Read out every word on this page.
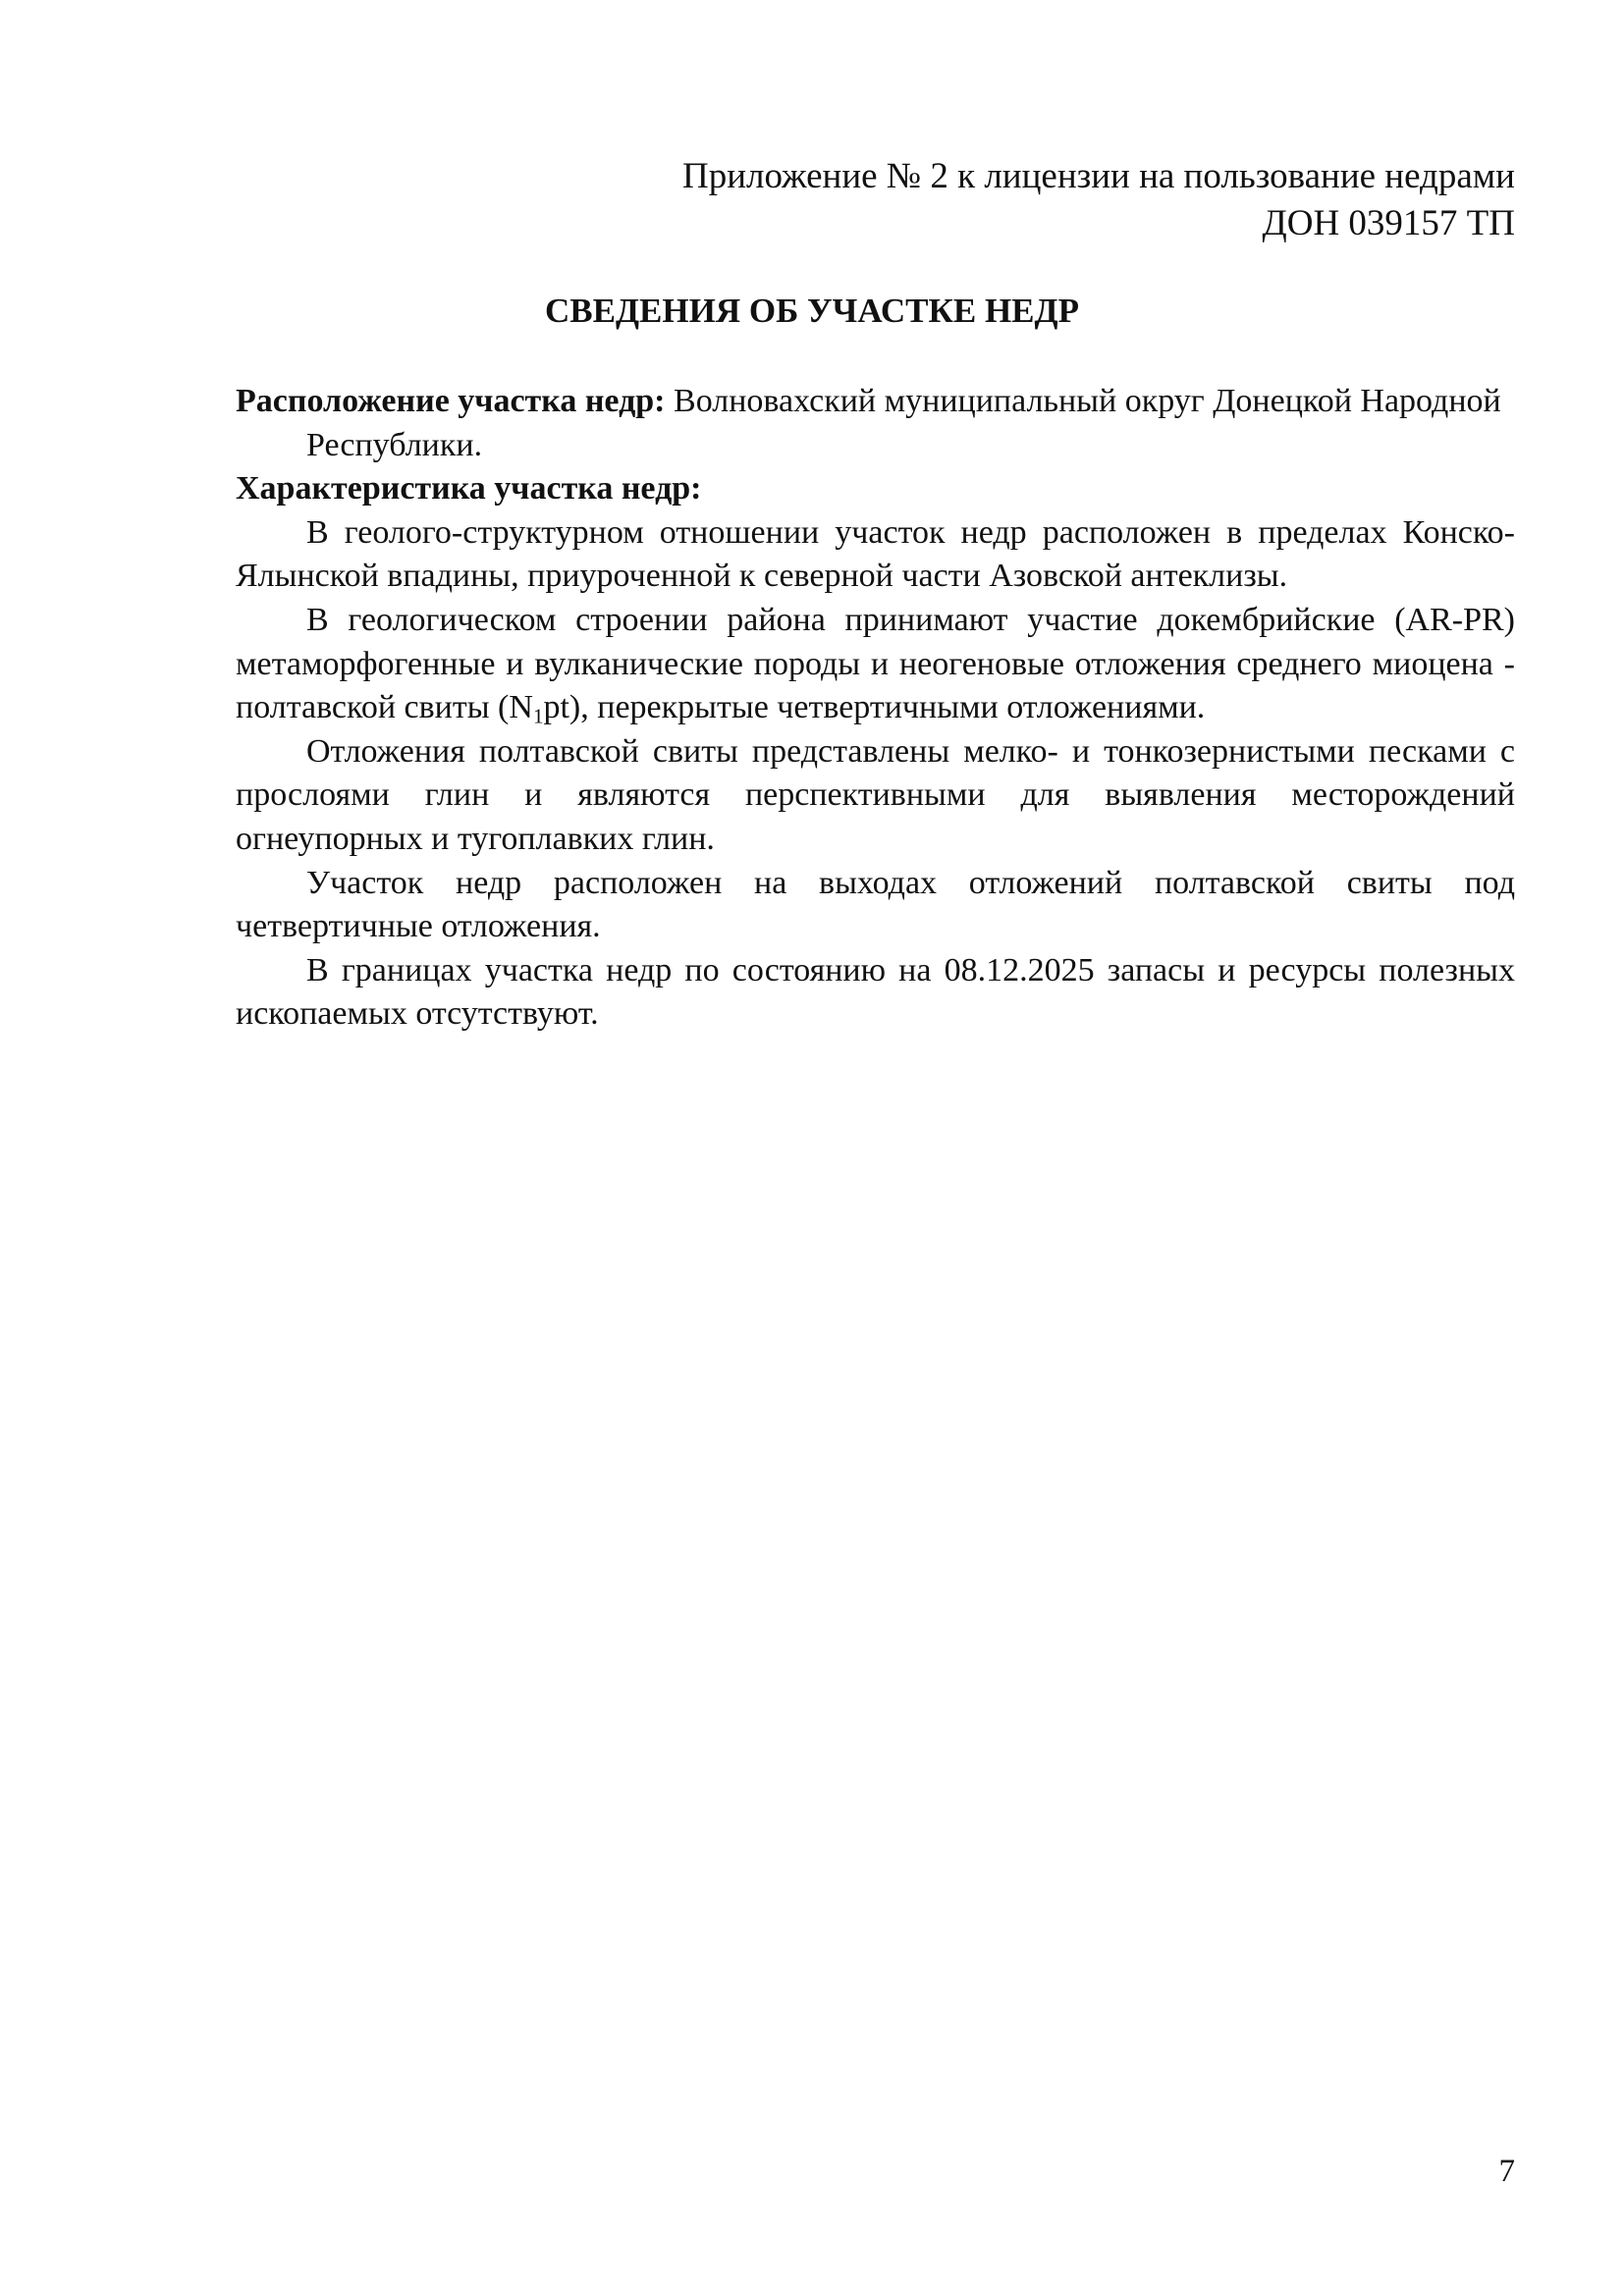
Приложение № 2 к лицензии на пользование недрами
ДОН 039157 ТП
СВЕДЕНИЯ ОБ УЧАСТКЕ НЕДР

Расположение участка недр: Волновахский муниципальный округ Донецкой Народной Республики.

Характеристика участка недр:

В геолого-структурном отношении участок недр расположен в пределах Конско-Ялынской впадины, приуроченной к северной части Азовской антеклизы.

В геологическом строении района принимают участие докембрийские (AR-PR) метаморфогенные и вулканические породы и неогеновые отложения среднего миоцена - полтавской свиты $(N_1pt)$, перекрытые четвертичными отложениями.

Отложения полтавской свиты представлены мелко- и тонкозернистыми песками с прослоями глин и являются перспективными для выявления месторождений огнеупорных и тугоплавких глин.

Участок недр расположен на выходах отложений полтавской свиты под четвертичные отложения.

В границах участка недр по состоянию на 08.12.2025 запасы и ресурсы полезных ископаемых отсутствуют.

7
